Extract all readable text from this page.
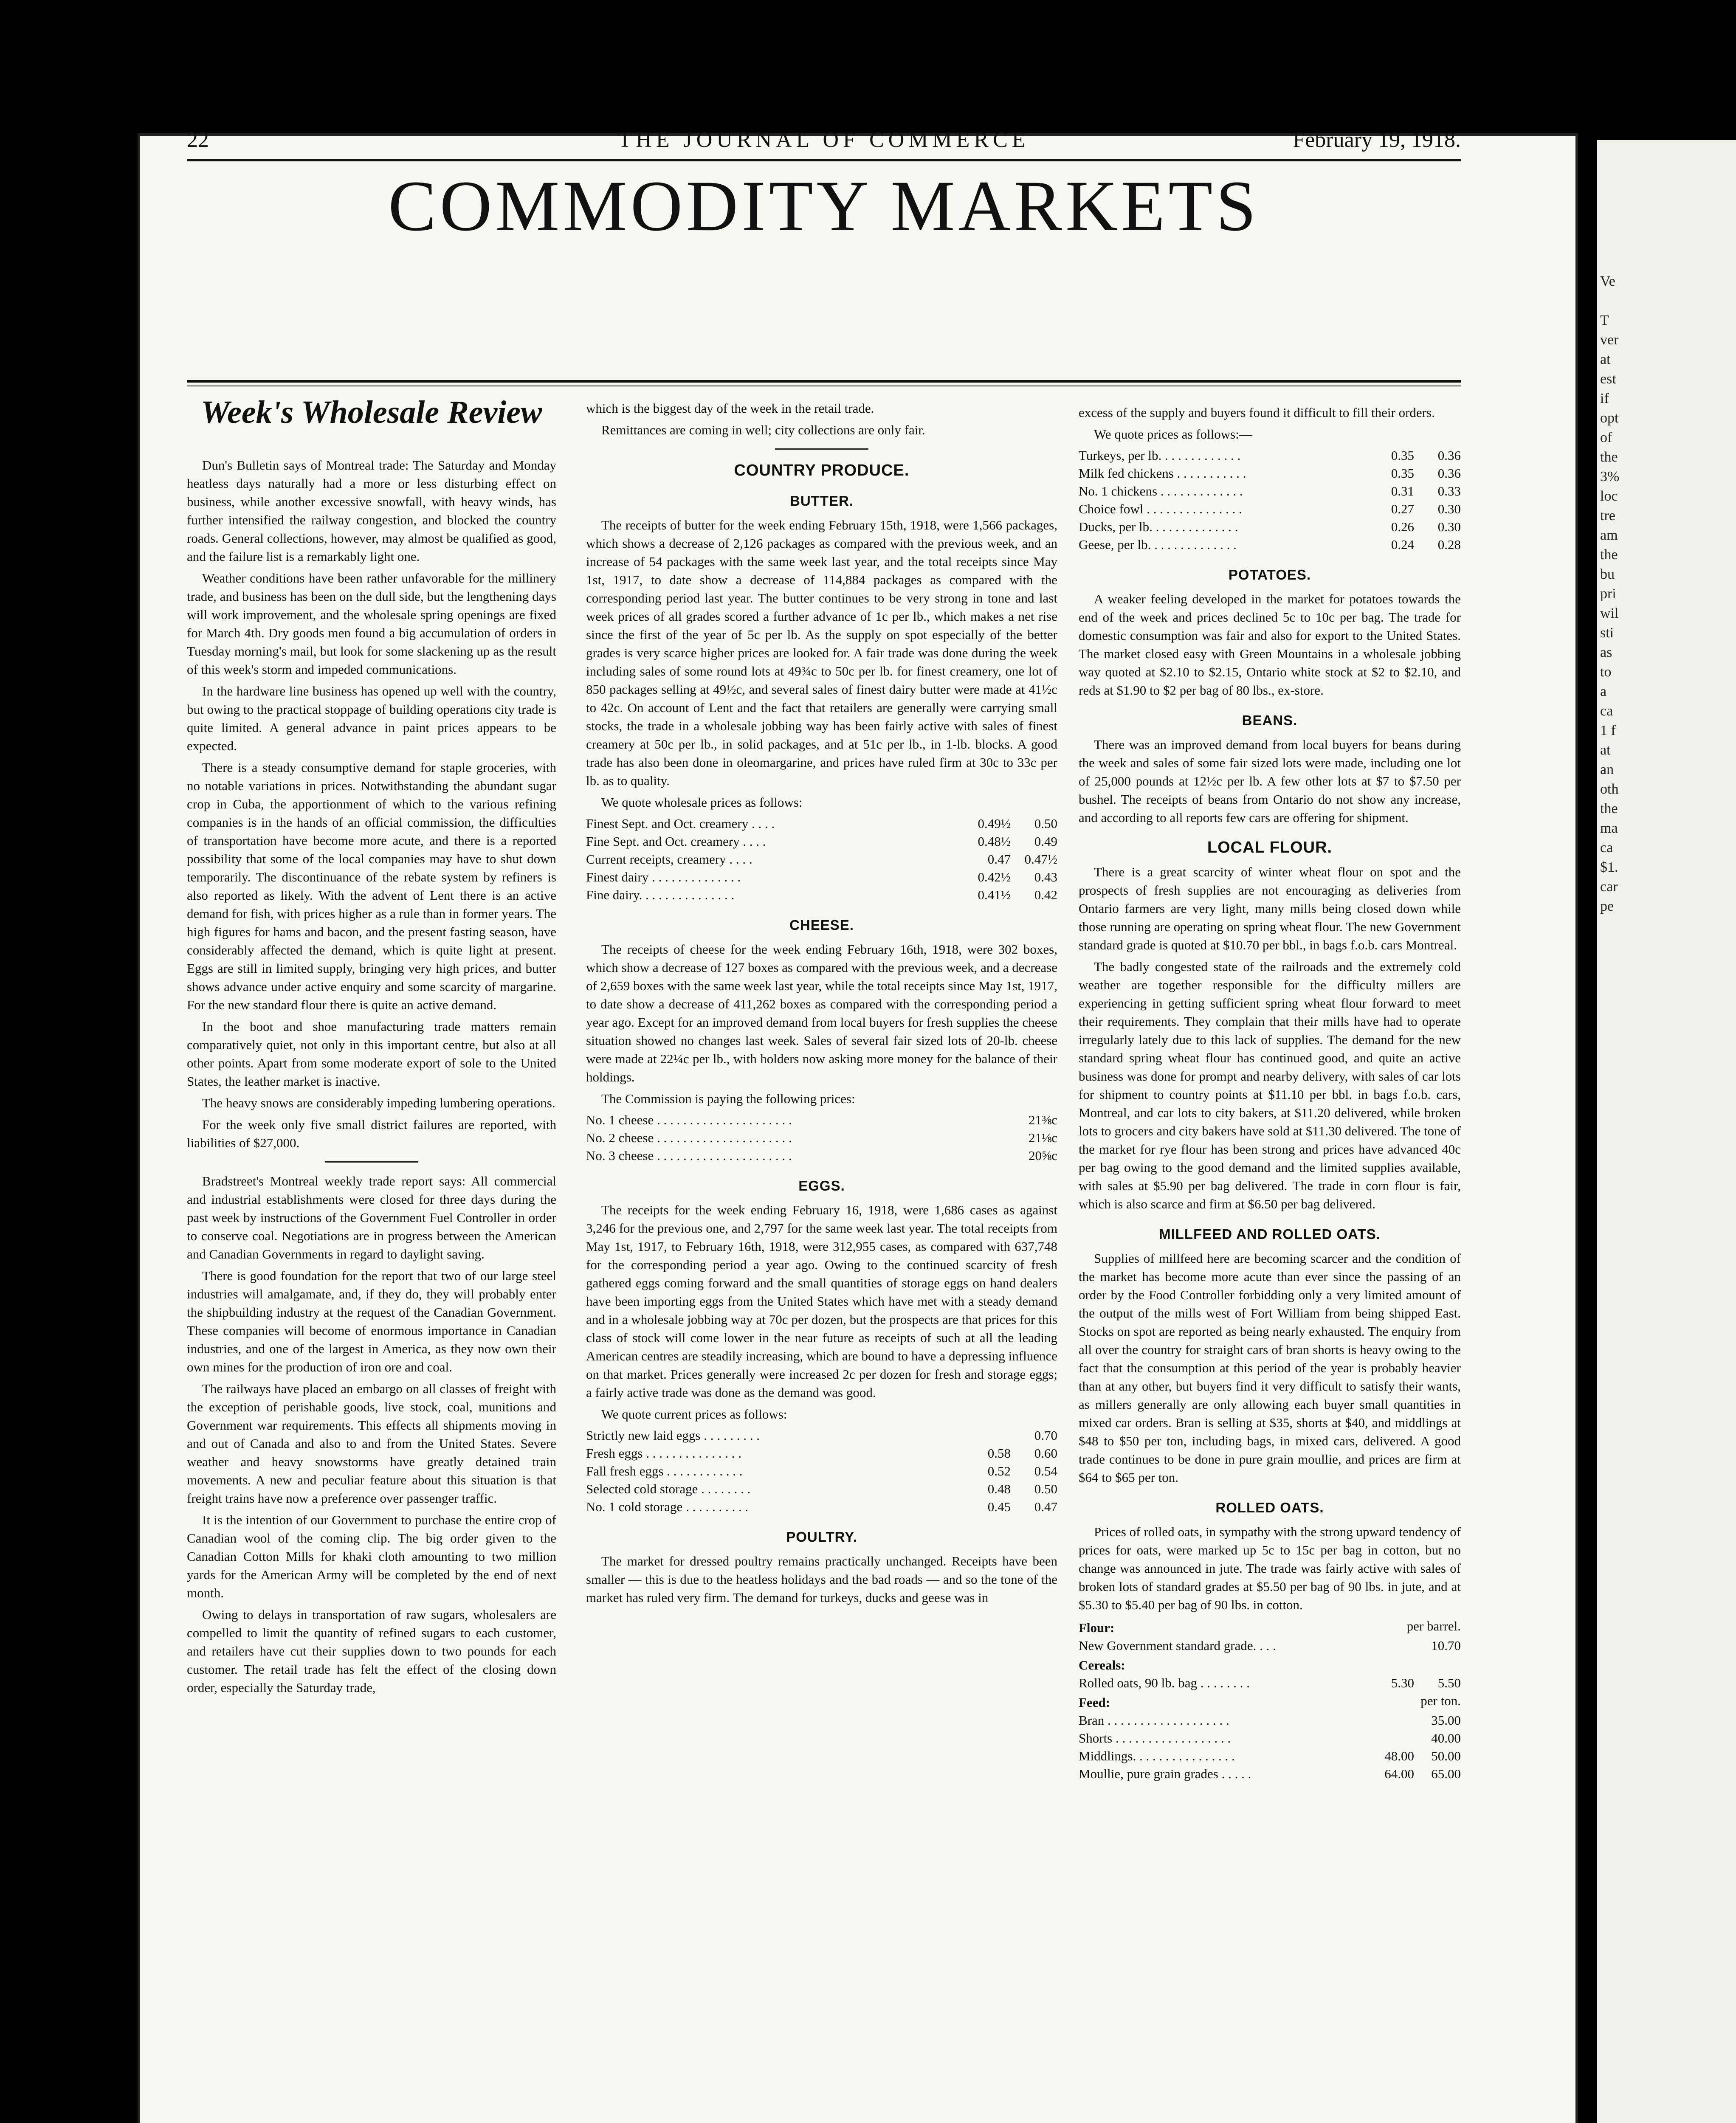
Ve

T
ver
at
est
if
opt
of
the
3%
loc
tre
am
the
bu
pri
wil
sti
as
to
a
ca
1 f
at
an
oth
the
ma
ca
$1.
car
pe
22	THE JOURNAL OF COMMERCE	February 19, 1918.
COMMODITY MARKETS
Week's Wholesale Review

Dun's Bulletin says of Montreal trade: The Saturday and Monday heatless days naturally had a more or less disturbing effect on business, while another excessive snowfall, with heavy winds, has further intensified the railway congestion, and blocked the country roads. General collections, however, may almost be qualified as good, and the failure list is a remarkably light one.

Weather conditions have been rather unfavorable for the millinery trade, and business has been on the dull side, but the lengthening days will work improvement, and the wholesale spring openings are fixed for March 4th. Dry goods men found a big accumulation of orders in Tuesday morning's mail, but look for some slackening up as the result of this week's storm and impeded communications.

In the hardware line business has opened up well with the country, but owing to the practical stoppage of building operations city trade is quite limited. A general advance in paint prices appears to be expected.

There is a steady consumptive demand for staple groceries, with no notable variations in prices. Notwithstanding the abundant sugar crop in Cuba, the apportionment of which to the various refining companies is in the hands of an official commission, the difficulties of transportation have become more acute, and there is a reported possibility that some of the local companies may have to shut down temporarily. The discontinuance of the rebate system by refiners is also reported as likely. With the advent of Lent there is an active demand for fish, with prices higher as a rule than in former years. The high figures for hams and bacon, and the present fasting season, have considerably affected the demand, which is quite light at present. Eggs are still in limited supply, bringing very high prices, and butter shows advance under active enquiry and some scarcity of margarine. For the new standard flour there is quite an active demand.

In the boot and shoe manufacturing trade matters remain comparatively quiet, not only in this important centre, but also at all other points. Apart from some moderate export of sole to the United States, the leather market is inactive.

The heavy snows are considerably impeding lumbering operations.

For the week only five small district failures are reported, with liabilities of $27,000.

Bradstreet's Montreal weekly trade report says: All commercial and industrial establishments were closed for three days during the past week by instructions of the Government Fuel Controller in order to conserve coal. Negotiations are in progress between the American and Canadian Governments in regard to daylight saving.

There is good foundation for the report that two of our large steel industries will amalgamate, and, if they do, they will probably enter the shipbuilding industry at the request of the Canadian Government. These companies will become of enormous importance in Canadian industries, and one of the largest in America, as they now own their own mines for the production of iron ore and coal.

The railways have placed an embargo on all classes of freight with the exception of perishable goods, live stock, coal, munitions and Government war requirements. This effects all shipments moving in and out of Canada and also to and from the United States. Severe weather and heavy snowstorms have greatly detained train movements. A new and peculiar feature about this situation is that freight trains have now a preference over passenger traffic.

It is the intention of our Government to purchase the entire crop of Canadian wool of the coming clip. The big order given to the Canadian Cotton Mills for khaki cloth amounting to two million yards for the American Army will be completed by the end of next month.

Owing to delays in transportation of raw sugars, wholesalers are compelled to limit the quantity of refined sugars to each customer, and retailers have cut their supplies down to two pounds for each customer. The retail trade has felt the effect of the closing down order, especially the Saturday trade,

which is the biggest day of the week in the retail trade.

Remittances are coming in well; city collections are only fair.

COUNTRY PRODUCE.
BUTTER.

The receipts of butter for the week ending February 15th, 1918, were 1,566 packages, which shows a decrease of 2,126 packages as compared with the previous week, and an increase of 54 packages with the same week last year, and the total receipts since May 1st, 1917, to date show a decrease of 114,884 packages as compared with the corresponding period last year. The butter continues to be very strong in tone and last week prices of all grades scored a further advance of 1c per lb., which makes a net rise since the first of the year of 5c per lb. As the supply on spot especially of the better grades is very scarce higher prices are looked for. A fair trade was done during the week including sales of some round lots at 49¾c to 50c per lb. for finest creamery, one lot of 850 packages selling at 49½c, and several sales of finest dairy butter were made at 41½c to 42c. On account of Lent and the fact that retailers are generally were carrying small stocks, the trade in a wholesale jobbing way has been fairly active with sales of finest creamery at 50c per lb., in solid packages, and at 51c per lb., in 1-lb. blocks. A good trade has also been done in oleomargarine, and prices have ruled firm at 30c to 33c per lb. as to quality.

We quote wholesale prices as follows:

Finest Sept. and Oct. creamery . . . .	0.49½	0.50
Fine Sept. and Oct. creamery . . . .	0.48½	0.49
Current receipts, creamery . . . .	0.47	0.47½
Finest dairy . . . . . . . . . . . . . .	0.42½	0.43
Fine dairy. . . . . . . . . . . . . . .	0.41½	0.42
CHEESE.

The receipts of cheese for the week ending February 16th, 1918, were 302 boxes, which show a decrease of 127 boxes as compared with the previous week, and a decrease of 2,659 boxes with the same week last year, while the total receipts since May 1st, 1917, to date show a decrease of 411,262 boxes as compared with the corresponding period a year ago. Except for an improved demand from local buyers for fresh supplies the cheese situation showed no changes last week. Sales of several fair sized lots of 20-lb. cheese were made at 22¼c per lb., with holders now asking more money for the balance of their holdings.

The Commission is paying the following prices:

No. 1 cheese . . . . . . . . . . . . . . . . . . . . .	21⅜c
No. 2 cheese . . . . . . . . . . . . . . . . . . . . .	21⅛c
No. 3 cheese . . . . . . . . . . . . . . . . . . . . .	20⅝c
EGGS.

The receipts for the week ending February 16, 1918, were 1,686 cases as against 3,246 for the previous one, and 2,797 for the same week last year. The total receipts from May 1st, 1917, to February 16th, 1918, were 312,955 cases, as compared with 637,748 for the corresponding period a year ago. Owing to the continued scarcity of fresh gathered eggs coming forward and the small quantities of storage eggs on hand dealers have been importing eggs from the United States which have met with a steady demand and in a wholesale jobbing way at 70c per dozen, but the prospects are that prices for this class of stock will come lower in the near future as receipts of such at all the leading American centres are steadily increasing, which are bound to have a depressing influence on that market. Prices generally were increased 2c per dozen for fresh and storage eggs; a fairly active trade was done as the demand was good.

We quote current prices as follows:

Strictly new laid eggs . . . . . . . . .	0.70
Fresh eggs . . . . . . . . . . . . . . .	0.58	0.60
Fall fresh eggs . . . . . . . . . . . .	0.52	0.54
Selected cold storage . . . . . . . .	0.48	0.50
No. 1 cold storage . . . . . . . . . .	0.45	0.47
POULTRY.

The market for dressed poultry remains practically unchanged. Receipts have been smaller — this is due to the heatless holidays and the bad roads — and so the tone of the market has ruled very firm. The demand for turkeys, ducks and geese was in

excess of the supply and buyers found it difficult to fill their orders.

We quote prices as follows:—

Turkeys, per lb. . . . . . . . . . . . .	0.35	0.36
Milk fed chickens . . . . . . . . . . .	0.35	0.36
No. 1 chickens . . . . . . . . . . . . .	0.31	0.33
Choice fowl . . . . . . . . . . . . . . .	0.27	0.30
Ducks, per lb. . . . . . . . . . . . . .	0.26	0.30
Geese, per lb. . . . . . . . . . . . . .	0.24	0.28
POTATOES.

A weaker feeling developed in the market for potatoes towards the end of the week and prices declined 5c to 10c per bag. The trade for domestic consumption was fair and also for export to the United States. The market closed easy with Green Mountains in a wholesale jobbing way quoted at $2.10 to $2.15, Ontario white stock at $2 to $2.10, and reds at $1.90 to $2 per bag of 80 lbs., ex-store.

BEANS.

There was an improved demand from local buyers for beans during the week and sales of some fair sized lots were made, including one lot of 25,000 pounds at 12½c per lb. A few other lots at $7 to $7.50 per bushel. The receipts of beans from Ontario do not show any increase, and according to all reports few cars are offering for shipment.

LOCAL FLOUR.

There is a great scarcity of winter wheat flour on spot and the prospects of fresh supplies are not encouraging as deliveries from Ontario farmers are very light, many mills being closed down while those running are operating on spring wheat flour. The new Government standard grade is quoted at $10.70 per bbl., in bags f.o.b. cars Montreal.

The badly congested state of the railroads and the extremely cold weather are together responsible for the difficulty millers are experiencing in getting sufficient spring wheat flour forward to meet their requirements. They complain that their mills have had to operate irregularly lately due to this lack of supplies. The demand for the new standard spring wheat flour has continued good, and quite an active business was done for prompt and nearby delivery, with sales of car lots for shipment to country points at $11.10 per bbl. in bags f.o.b. cars, Montreal, and car lots to city bakers, at $11.20 delivered, while broken lots to grocers and city bakers have sold at $11.30 delivered. The tone of the market for rye flour has been strong and prices have advanced 40c per bag owing to the good demand and the limited supplies available, with sales at $5.90 per bag delivered. The trade in corn flour is fair, which is also scarce and firm at $6.50 per bag delivered.

MILLFEED AND ROLLED OATS.

Supplies of millfeed here are becoming scarcer and the condition of the market has become more acute than ever since the passing of an order by the Food Controller forbidding only a very limited amount of the output of the mills west of Fort William from being shipped East. Stocks on spot are reported as being nearly exhausted. The enquiry from all over the country for straight cars of bran shorts is heavy owing to the fact that the consumption at this period of the year is probably heavier than at any other, but buyers find it very difficult to satisfy their wants, as millers generally are only allowing each buyer small quantities in mixed car orders. Bran is selling at $35, shorts at $40, and middlings at $48 to $50 per ton, including bags, in mixed cars, delivered. A good trade continues to be done in pure grain moullie, and prices are firm at $64 to $65 per ton.

ROLLED OATS.

Prices of rolled oats, in sympathy with the strong upward tendency of prices for oats, were marked up 5c to 15c per bag in cotton, but no change was announced in jute. The trade was fairly active with sales of broken lots of standard grades at $5.50 per bag of 90 lbs. in jute, and at $5.30 to $5.40 per bag of 90 lbs. in cotton.

Flour:	per barrel.
New Government standard grade. . . .	10.70
Cereals:
Rolled oats, 90 lb. bag . . . . . . . .	5.30	5.50
Feed:	per ton.
Bran . . . . . . . . . . . . . . . . . . .	35.00
Shorts . . . . . . . . . . . . . . . . . .	40.00
Middlings. . . . . . . . . . . . . . . .	48.00	50.00
Moullie, pure grain grades . . . . .	64.00	65.00
